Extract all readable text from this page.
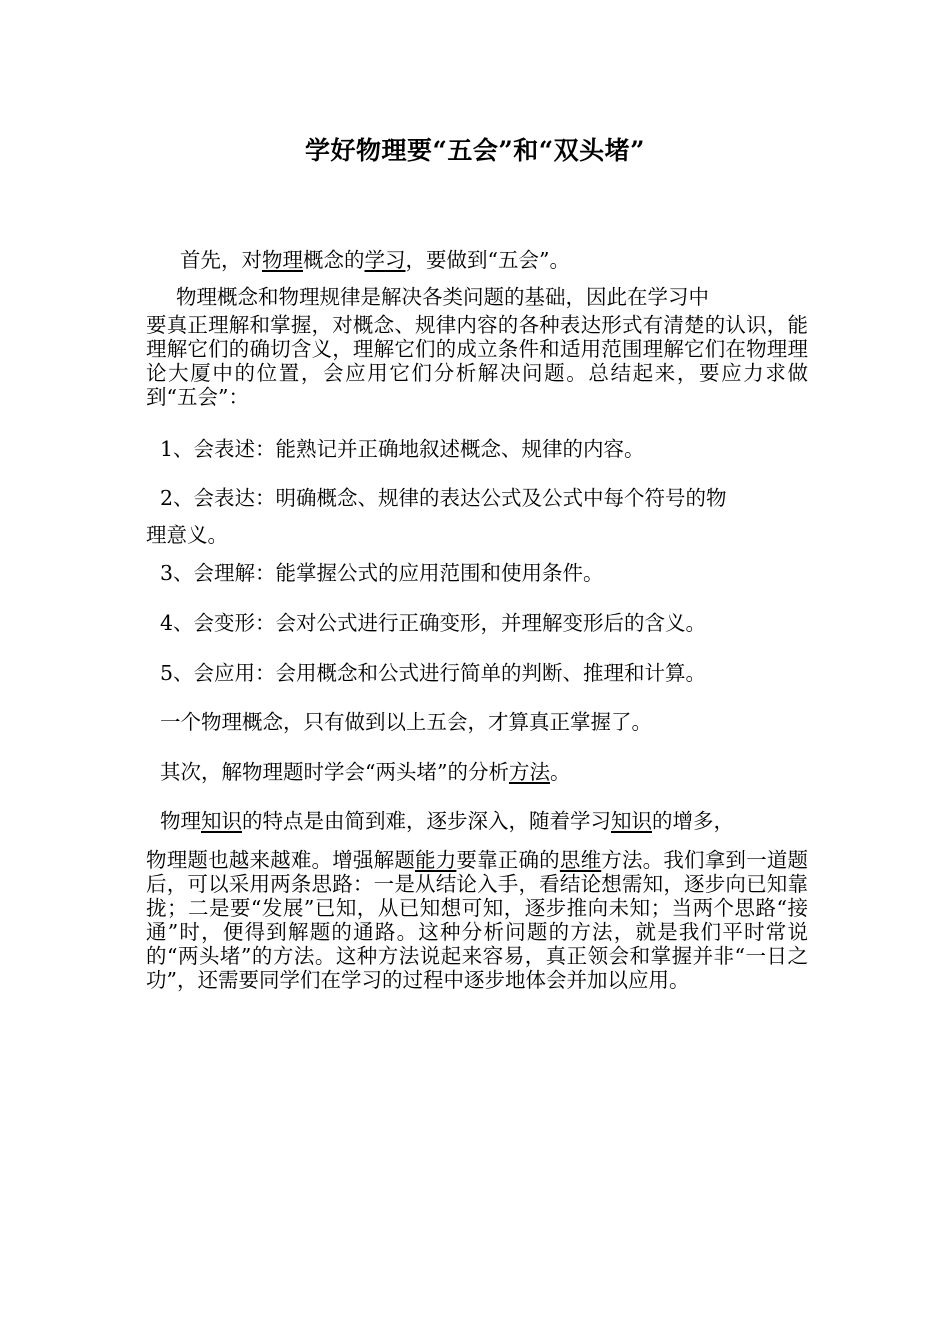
学好物理要“五会”和“双头堵”
首先，对物理概念的学习，要做到“五会”。
物理概念和物理规律是解决各类问题的基础，因此在学习中
要真正理解和掌握，对概念、规律内容的各种表达形式有清楚的认识，能理解它们的确切含义，理解它们的成立条件和适用范围理解它们在物理理论大厦中的位置，会应用它们分析解决问题。总结起来，要应力求做到“五会”：
1、会表述：能熟记并正确地叙述概念、规律的内容。
2、会表达：明确概念、规律的表达公式及公式中每个符号的物
理意义。
3、会理解：能掌握公式的应用范围和使用条件。
4、会变形：会对公式进行正确变形，并理解变形后的含义。
5、会应用：会用概念和公式进行简单的判断、推理和计算。
一个物理概念，只有做到以上五会，才算真正掌握了。
其次，解物理题时学会“两头堵”的分析方法。
物理知识的特点是由简到难，逐步深入，随着学习知识的增多，
物理题也越来越难。增强解题能力要靠正确的思维方法。我们拿到一道题后，可以采用两条思路：一是从结论入手，看结论想需知，逐步向已知靠拢；二是要“发展”已知，从已知想可知，逐步推向未知；当两个思路“接通”时，便得到解题的通路。这种分析问题的方法，就是我们平时常说的“两头堵”的方法。这种方法说起来容易，真正领会和掌握并非“一日之功”，还需要同学们在学习的过程中逐步地体会并加以应用。
